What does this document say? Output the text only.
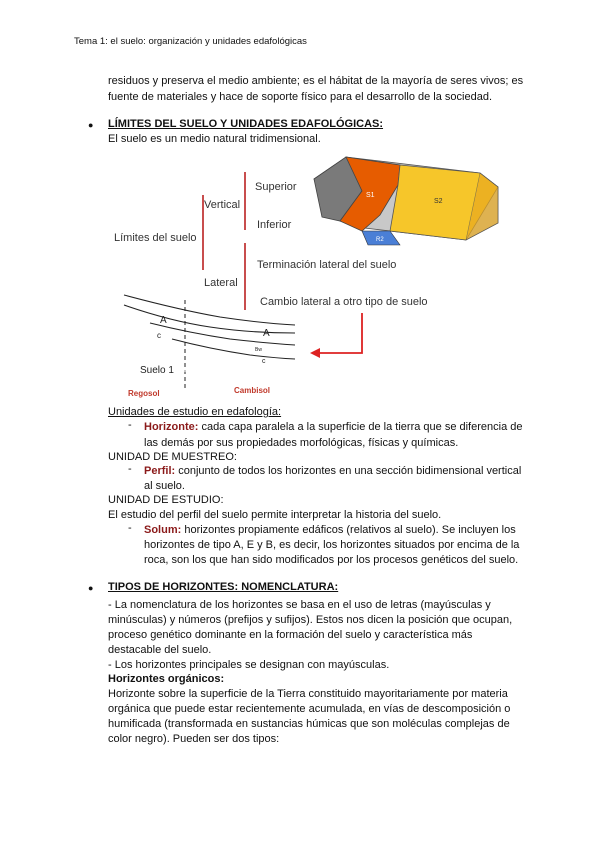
Tema 1: el suelo: organización y unidades edafológicas
residuos y preserva el medio ambiente; es el hábitat de la mayoría de seres vivos; es
fuente de materiales y hace de soporte físico para el desarrollo de la sociedad.
● LÍMITES DEL SUELO Y UNIDADES EDAFOLÓGICAS:
El suelo es un medio natural tridimensional.
Límites del suelo
Vertical
Superior
Inferior
Lateral
Terminación lateral del suelo
Cambio lateral a otro tipo de suelo
R1
S1
S2
R2
A
c	A
Bw
c
Suelo 1
Regosol	Cambisol
Unidades de estudio en edafología:
- Horizonte: cada capa paralela a la superficie de la tierra que se diferencia de
las demás por sus propiedades morfológicas, físicas y químicas.
UNIDAD DE MUESTREO:
- Perfil: conjunto de todos los horizontes en una sección bidimensional vertical
al suelo.
UNIDAD DE ESTUDIO:
El estudio del perfil del suelo permite interpretar la historia del suelo.
- Solum: horizontes propiamente edáficos (relativos al suelo). Se incluyen los
horizontes de tipo A, E y B, es decir, los horizontes situados por encima de la
roca, son los que han sido modificados por los procesos genéticos del suelo.
● TIPOS DE HORIZONTES: NOMENCLATURA:
- La nomenclatura de los horizontes se basa en el uso de letras (mayúsculas y
minúsculas) y números (prefijos y sufijos). Estos nos dicen la posición que ocupan,
proceso genético dominante en la formación del suelo y característica más
destacable del suelo.
- Los horizontes principales se designan con mayúsculas.
Horizontes orgánicos:
Horizonte sobre la superficie de la Tierra constituido mayoritariamente por materia
orgánica que puede estar recientemente acumulada, en vías de descomposición o
humificada (transformada en sustancias húmicas que son moléculas complejas de
color negro). Pueden ser dos tipos:
